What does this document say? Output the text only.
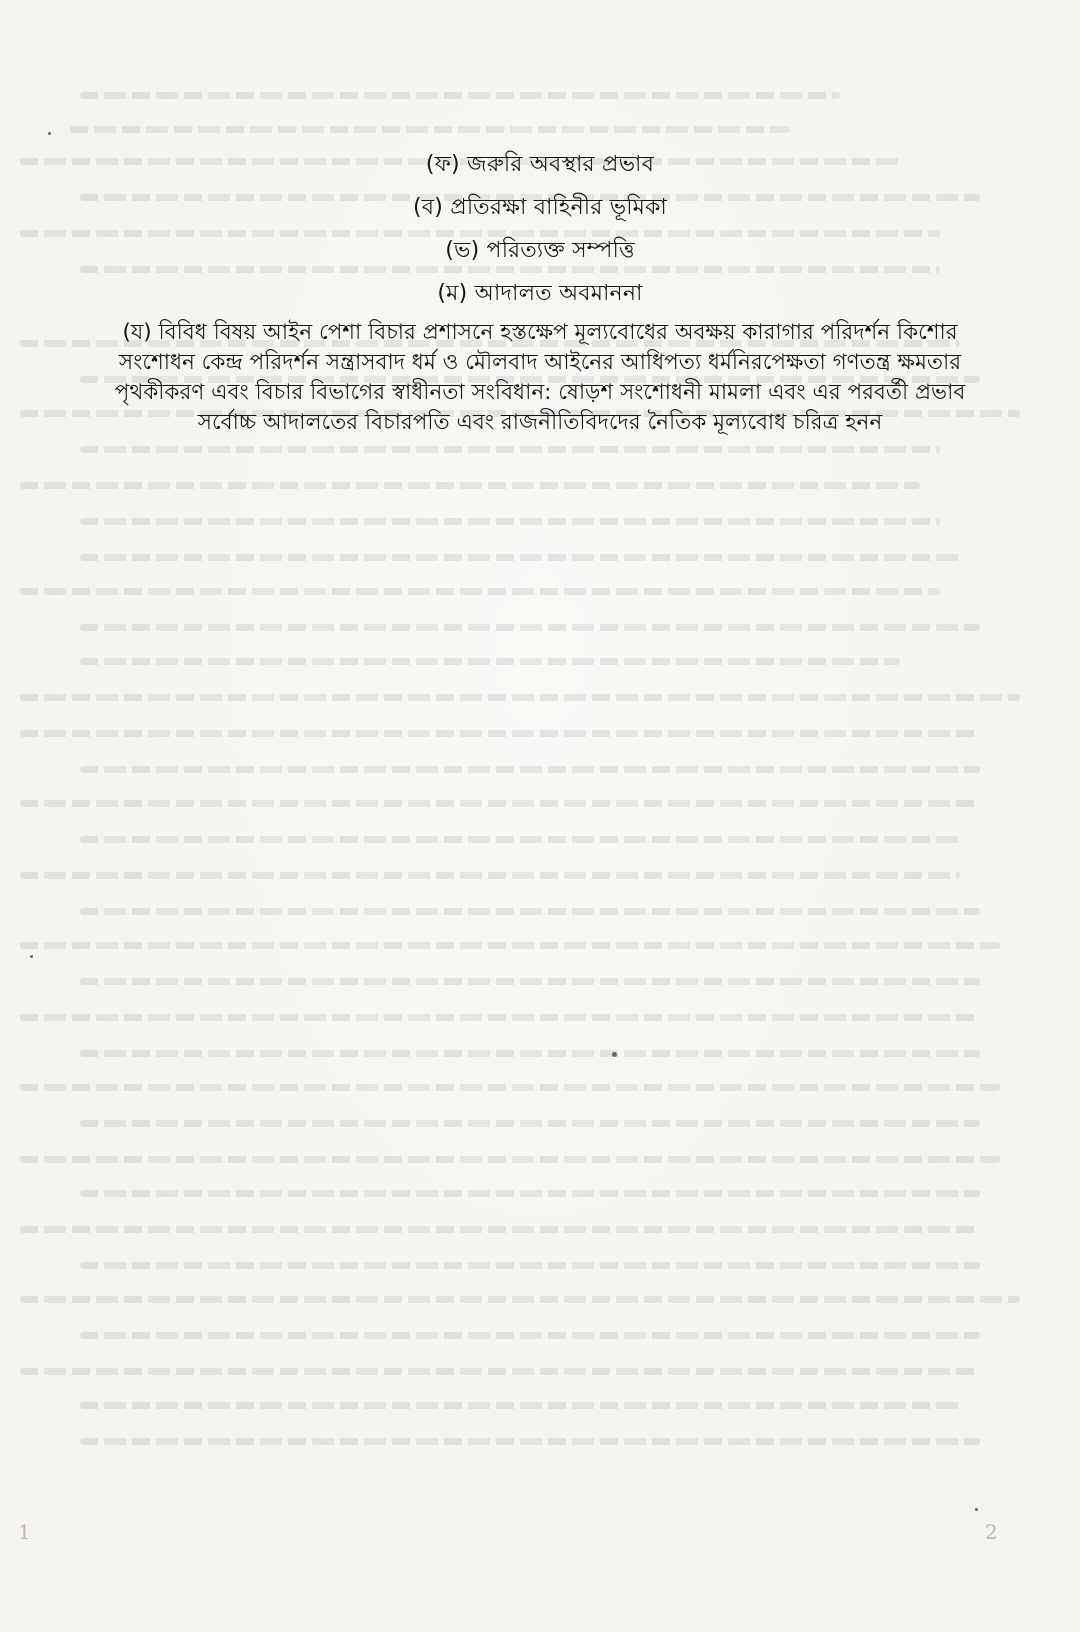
(ফ) জরুরি অবস্থার প্রভাব
(ব) প্রতিরক্ষা বাহিনীর ভূমিকা
(ভ) পরিত্যক্ত সম্পত্তি
(ম) আদালত অবমাননা
(য) বিবিধ বিষয় আইন পেশা বিচার প্রশাসনে হস্তক্ষেপ মূল্যবোধের অবক্ষয় কারাগার পরিদর্শন কিশোর
সংশোধন কেন্দ্র পরিদর্শন সন্ত্রাসবাদ ধর্ম ও মৌলবাদ আইনের আধিপত্য ধর্মনিরপেক্ষতা গণতন্ত্র ক্ষমতার
পৃথকীকরণ এবং বিচার বিভাগের স্বাধীনতা সংবিধান: ষোড়শ সংশোধনী মামলা এবং এর পরবর্তী প্রভাব
সর্বোচ্চ আদালতের বিচারপতি এবং রাজনীতিবিদদের নৈতিক মূল্যবোধ চরিত্র হনন
1	2
